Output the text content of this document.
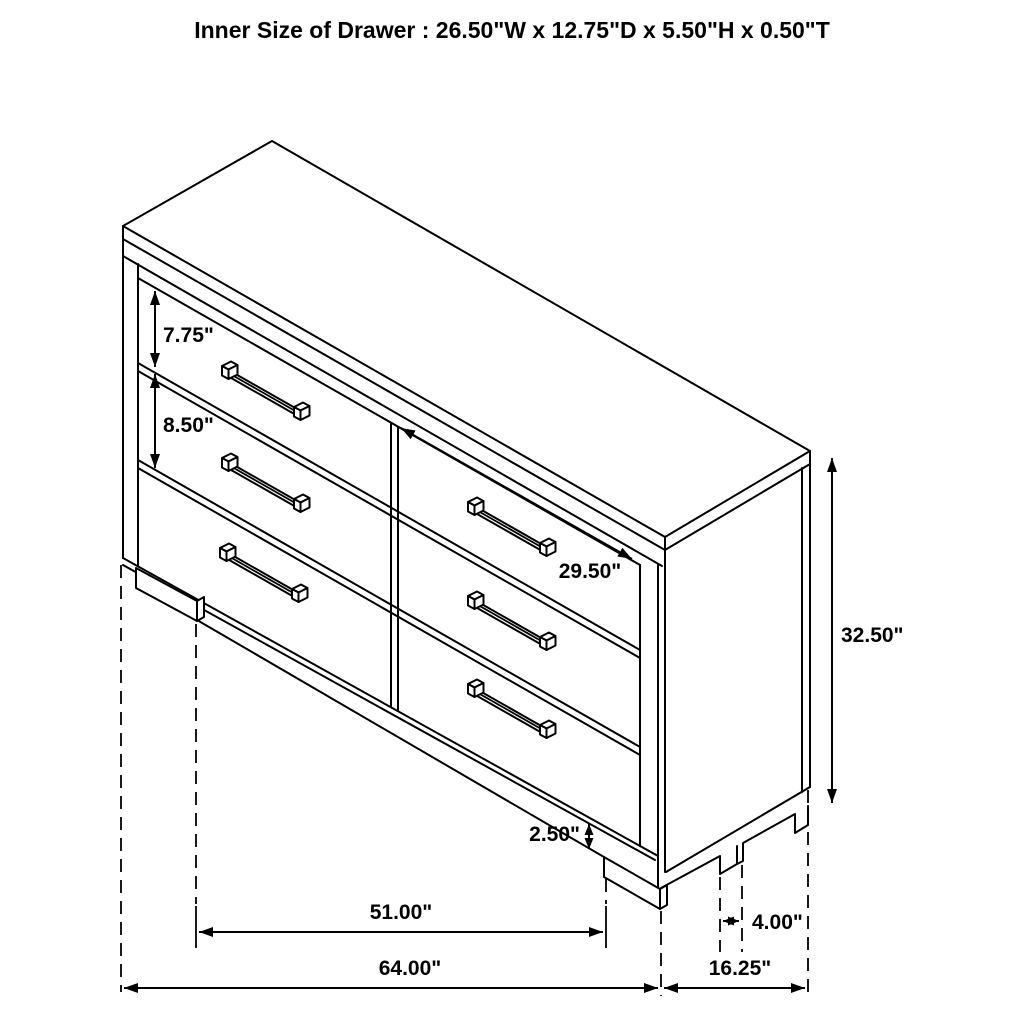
Inner Size of Drawer : 26.50"W x 12.75"D x 5.50"H x 0.50"T
7.75"
8.50"
29.50"
32.50"
2.50"
51.00"	4.00"
64.00"	16.25"
